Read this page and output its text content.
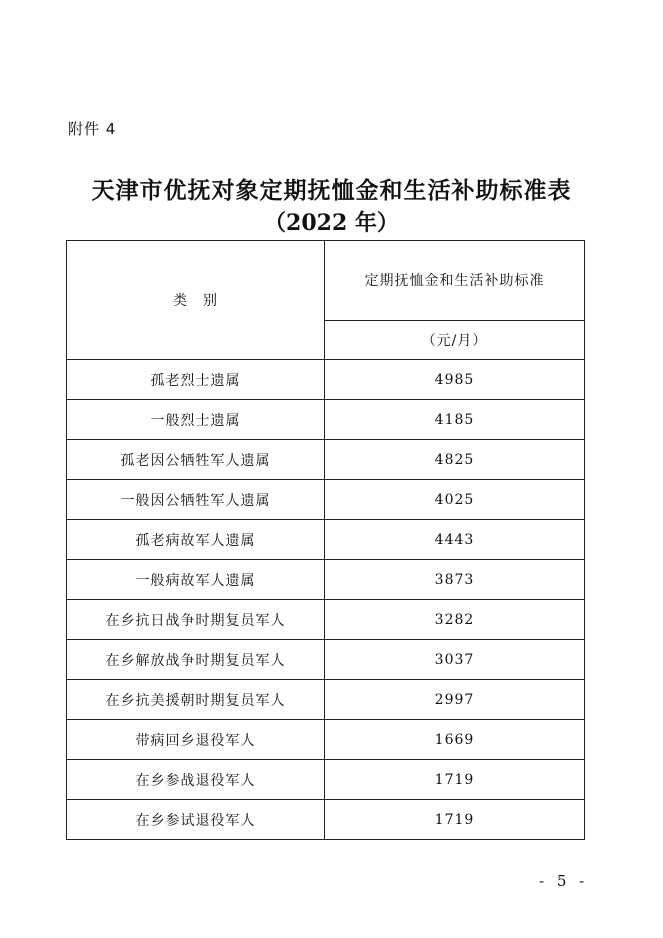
附件 4
天津市优抚对象定期抚恤金和生活补助标准表
（2022 年）
类　别	定期抚恤金和生活补助标准
	（元/月）
孤老烈士遗属	4985
一般烈士遗属	4185
孤老因公牺牲军人遗属	4825
一般因公牺牲军人遗属	4025
孤老病故军人遗属	4443
一般病故军人遗属	3873
在乡抗日战争时期复员军人	3282
在乡解放战争时期复员军人	3037
在乡抗美援朝时期复员军人	2997
带病回乡退役军人	1669
在乡参战退役军人	1719
在乡参试退役军人	1719
- 5 -
